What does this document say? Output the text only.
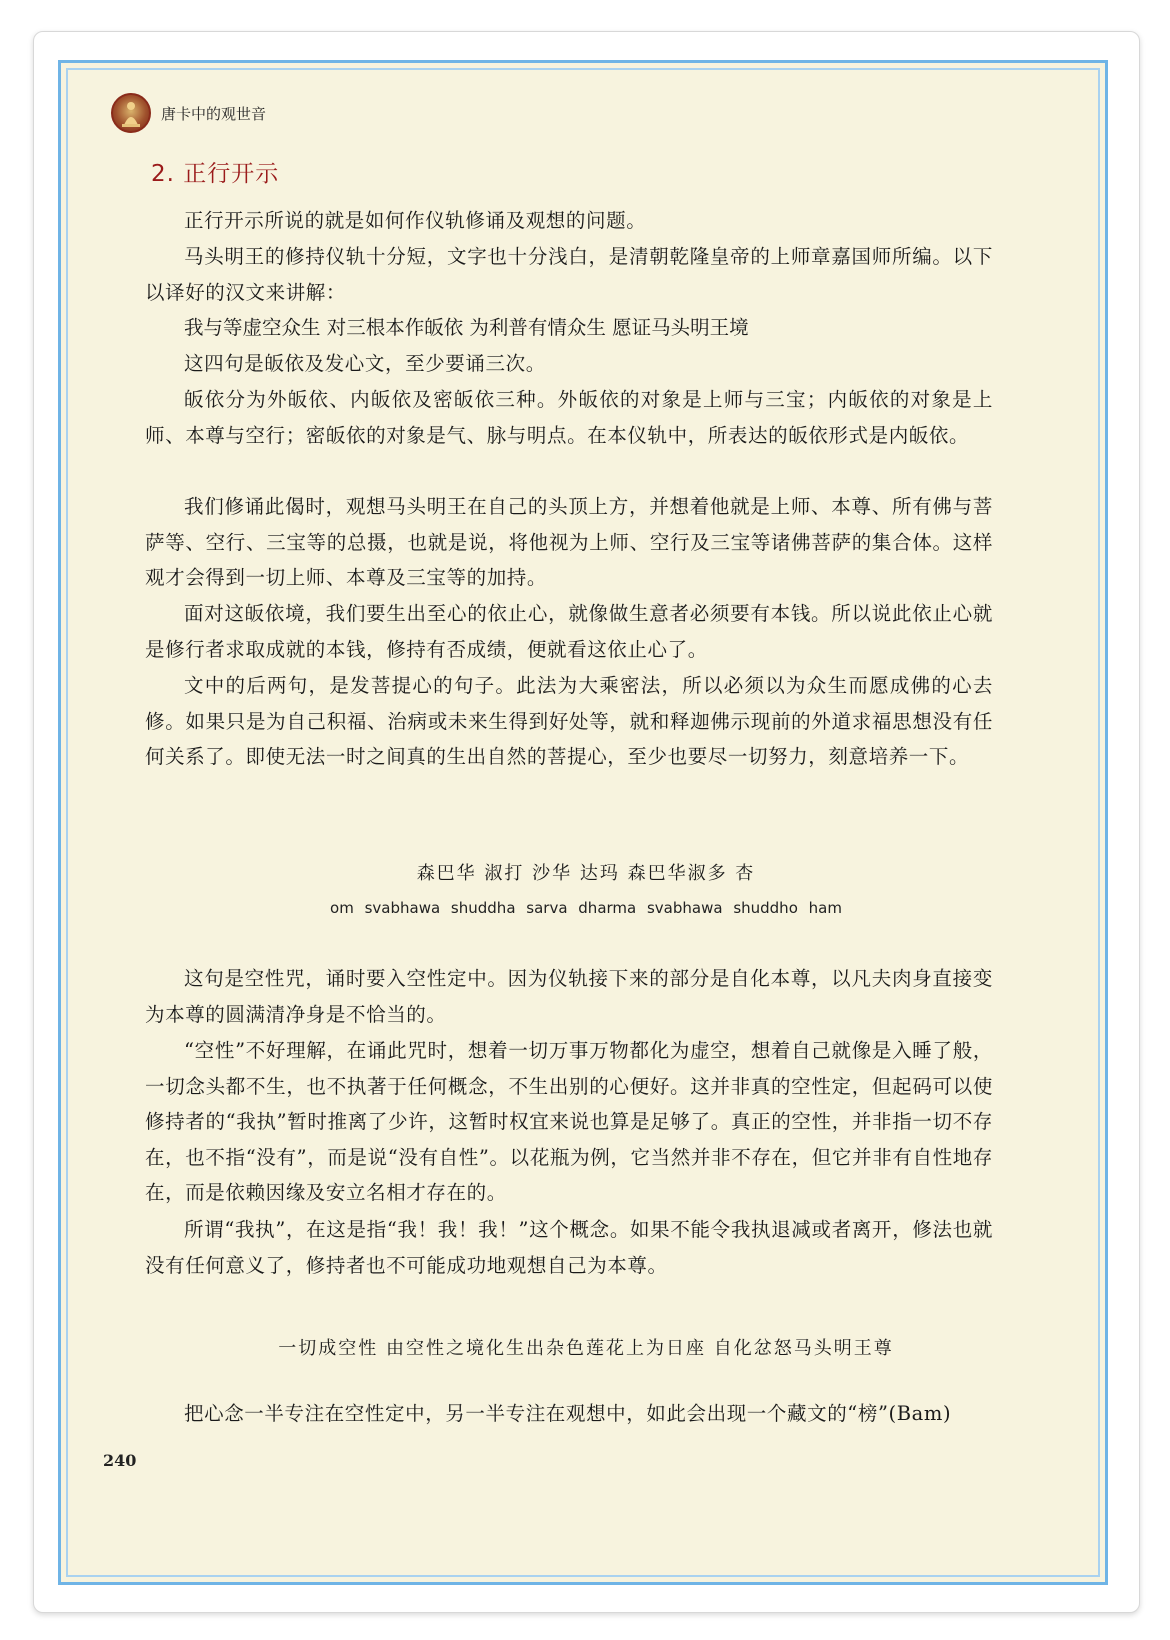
唐卡中的观世音
2. 正行开示
正行开示所说的就是如何作仪轨修诵及观想的问题。
马头明王的修持仪轨十分短，文字也十分浅白，是清朝乾隆皇帝的上师章嘉国师所编。以下以译好的汉文来讲解：
我与等虚空众生 对三根本作皈依 为利普有情众生 愿证马头明王境
这四句是皈依及发心文，至少要诵三次。
皈依分为外皈依、内皈依及密皈依三种。外皈依的对象是上师与三宝；内皈依的对象是上师、本尊与空行；密皈依的对象是气、脉与明点。在本仪轨中，所表达的皈依形式是内皈依。
我们修诵此偈时，观想马头明王在自己的头顶上方，并想着他就是上师、本尊、所有佛与菩萨等、空行、三宝等的总摄，也就是说，将他视为上师、空行及三宝等诸佛菩萨的集合体。这样观才会得到一切上师、本尊及三宝等的加持。
面对这皈依境，我们要生出至心的依止心，就像做生意者必须要有本钱。所以说此依止心就是修行者求取成就的本钱，修持有否成绩，便就看这依止心了。
文中的后两句，是发菩提心的句子。此法为大乘密法，所以必须以为众生而愿成佛的心去修。如果只是为自己积福、治病或未来生得到好处等，就和释迦佛示现前的外道求福思想没有任何关系了。即使无法一时之间真的生出自然的菩提心，至少也要尽一切努力，刻意培养一下。
森巴华 淑打 沙华 达玛 森巴华淑多 杏
om svabhawa shuddha sarva dharma svabhawa shuddho ham
这句是空性咒，诵时要入空性定中。因为仪轨接下来的部分是自化本尊，以凡夫肉身直接变为本尊的圆满清净身是不恰当的。
“空性”不好理解，在诵此咒时，想着一切万事万物都化为虚空，想着自己就像是入睡了般，一切念头都不生，也不执著于任何概念，不生出别的心便好。这并非真的空性定，但起码可以使修持者的“我执”暂时推离了少许，这暂时权宜来说也算是足够了。真正的空性，并非指一切不存在，也不指“没有”，而是说“没有自性”。以花瓶为例，它当然并非不存在，但它并非有自性地存在，而是依赖因缘及安立名相才存在的。
所谓“我执”，在这是指“我！我！我！”这个概念。如果不能令我执退减或者离开，修法也就没有任何意义了，修持者也不可能成功地观想自己为本尊。
一切成空性 由空性之境化生出杂色莲花上为日座 自化忿怒马头明王尊
把心念一半专注在空性定中，另一半专注在观想中，如此会出现一个藏文的“榜”(Bam)
240
